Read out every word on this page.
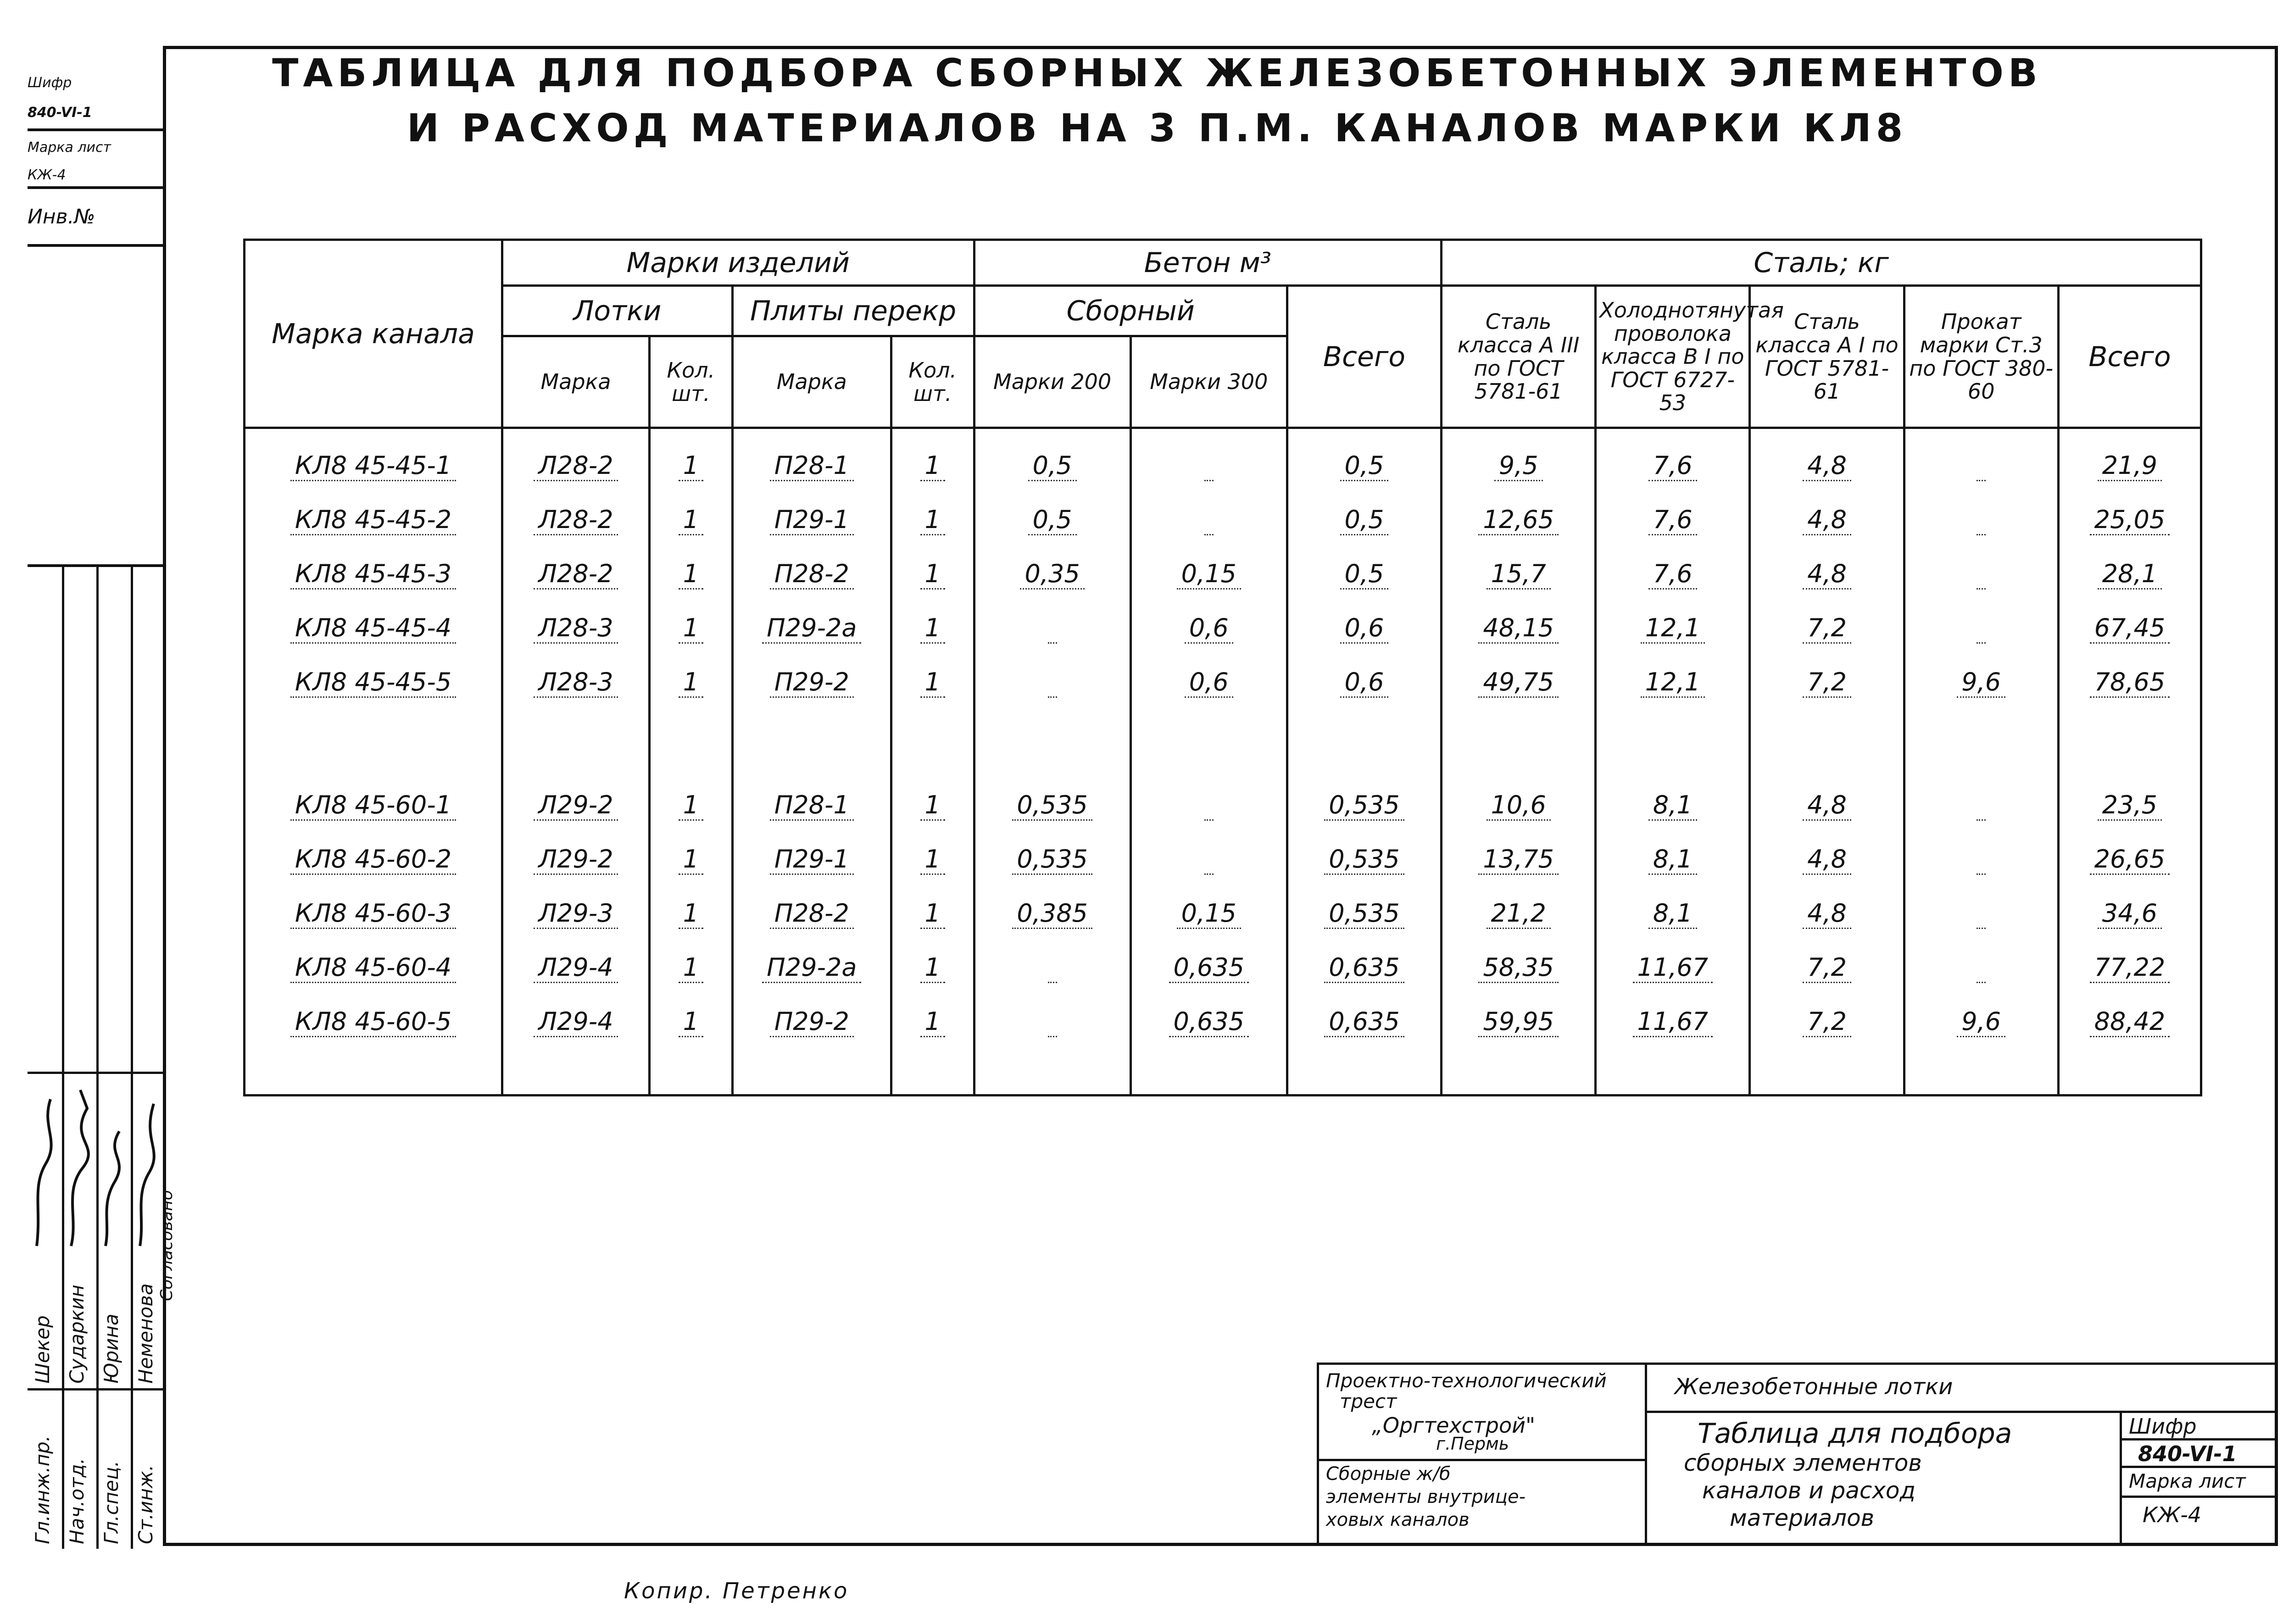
ТАБЛИЦА ДЛЯ ПОДБОРА СБОРНЫХ ЖЕЛЕЗОБЕТОННЫХ ЭЛЕМЕНТОВ
И РАСХОД МАТЕРИАЛОВ НА 3 П.М. КАНАЛОВ МАРКИ КЛ8
Шифр
840-VI-1
Марка лист
КЖ-4
Инв.№
Гл.инж.пр. Нач.отд. Гл.спец. Ст.инж.
Шекер Сударкин Юрина Неменова
Согласовано
Марка канала	Марки изделий				Бетон м³			Сталь; кг				
	Лотки		Плиты перекр		Сборный		Всего	Сталь класса А III по ГОСТ 5781-61	Холоднотянутая проволока класса В I по ГОСТ 6727-53	Сталь класса А I по ГОСТ 5781-61	Прокат марки Ст.3 по ГОСТ 380-60	Всего
	Марка	Кол. шт.	Марка	Кол. шт.	Марки 200	Марки 300						
КЛ8 45-45-1	Л28-2	1	П28-1	1	0,5		0,5	9,5	7,6	4,8		21,9
КЛ8 45-45-2	Л28-2	1	П29-1	1	0,5		0,5	12,65	7,6	4,8		25,05
КЛ8 45-45-3	Л28-2	1	П28-2	1	0,35	0,15	0,5	15,7	7,6	4,8		28,1
КЛ8 45-45-4	Л28-3	1	П29-2а	1		0,6	0,6	48,15	12,1	7,2		67,45
КЛ8 45-45-5	Л28-3	1	П29-2	1		0,6	0,6	49,75	12,1	7,2	9,6	78,65

КЛ8 45-60-1	Л29-2	1	П28-1	1	0,535		0,535	10,6	8,1	4,8		23,5
КЛ8 45-60-2	Л29-2	1	П29-1	1	0,535		0,535	13,75	8,1	4,8		26,65
КЛ8 45-60-3	Л29-3	1	П28-2	1	0,385	0,15	0,535	21,2	8,1	4,8		34,6
КЛ8 45-60-4	Л29-4	1	П29-2а	1		0,635	0,635	58,35	11,67	7,2		77,22
КЛ8 45-60-5	Л29-4	1	П29-2	1		0,635	0,635	59,95	11,67	7,2	9,6	88,42

Проектно-технологический
трест
„Оргтехстрой"
г.Пермь
Сборные ж/б
элементы внутрице-
ховых каналов
Железобетонные лотки
Таблица для подбора
сборных элементов
каналов и расход
материалов
Шифр
840-VI-1
Марка лист
КЖ-4
Копир. Петренко
